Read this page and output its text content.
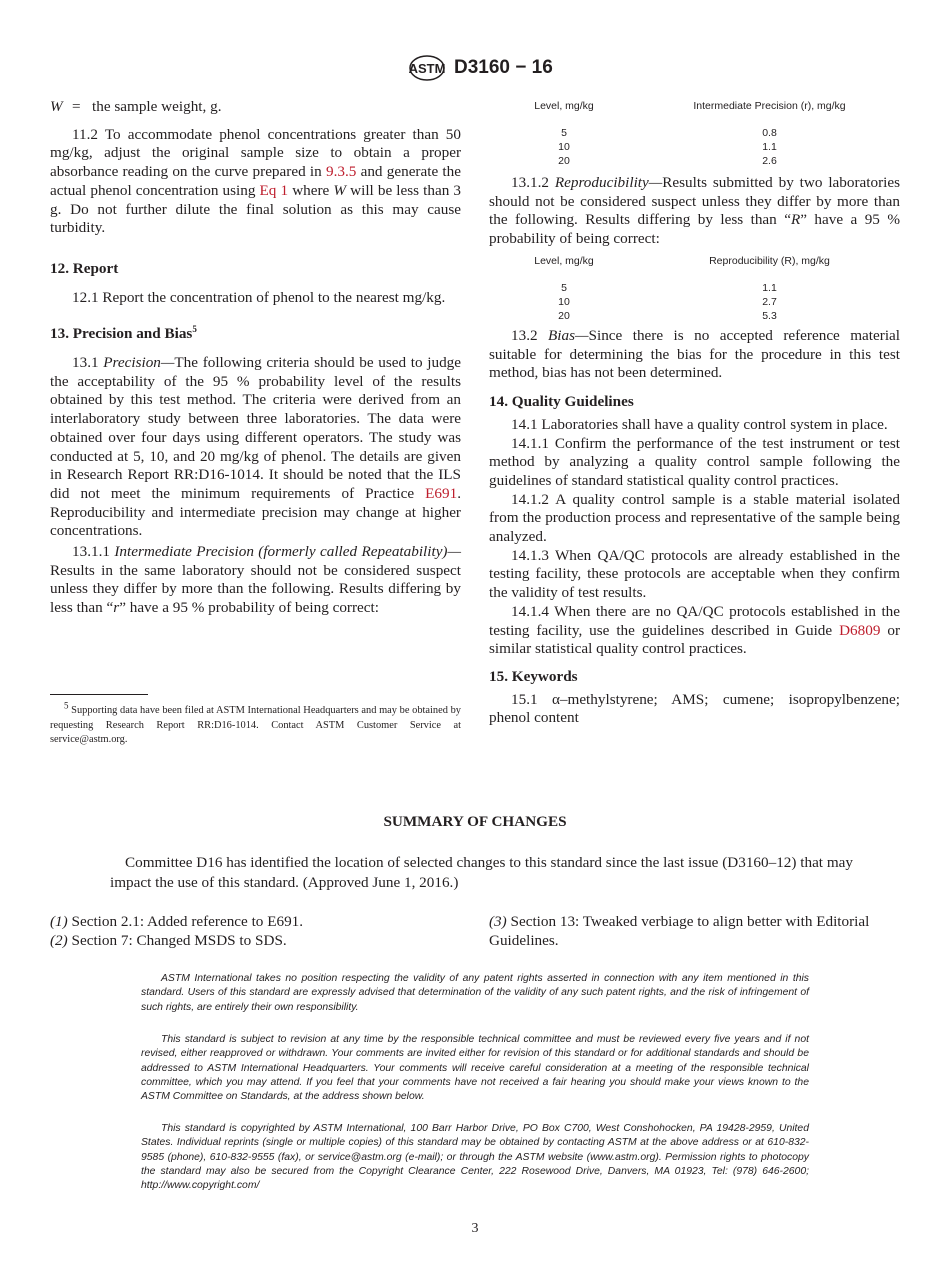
ASTM D3160 − 16
W = the sample weight, g.

11.2 To accommodate phenol concentrations greater than 50 mg/kg, adjust the original sample size to obtain a proper absorbance reading on the curve prepared in 9.3.5 and generate the actual phenol concentration using Eq 1 where W will be less than 3 g. Do not further dilute the final solution as this may cause turbidity.

12. Report

12.1 Report the concentration of phenol to the nearest mg/kg.

13. Precision and Bias$^5$

13.1 Precision—The following criteria should be used to judge the acceptability of the 95 % probability level of the results obtained by this test method. The criteria were derived from an interlaboratory study between three laboratories. The data were obtained over four days using different operators. The study was conducted at 5, 10, and 20 mg/kg of phenol. The details are given in Research Report RR:D16-1014. It should be noted that the ILS did not meet the minimum requirements of Practice E691. Reproducibility and intermediate precision may change at higher concentrations.

13.1.1 Intermediate Precision (formerly called Repeatability)—Results in the same laboratory should not be considered suspect unless they differ by more than the following. Results differing by less than “r” have a 95 % probability of being correct:

$^5$ Supporting data have been filed at ASTM International Headquarters and may be obtained by requesting Research Report RR:D16-1014. Contact ASTM Customer Service at service@astm.org.
Level, mg/kg	Intermediate Precision (r), mg/kg
5	0.8
10	1.1
20	2.6

13.1.2 Reproducibility—Results submitted by two laboratories should not be considered suspect unless they differ by more than the following. Results differing by less than “R” have a 95 % probability of being correct:

Level, mg/kg	Reproducibility (R), mg/kg
5	1.1
10	2.7
20	5.3

13.2 Bias—Since there is no accepted reference material suitable for determining the bias for the procedure in this test method, bias has not been determined.

14. Quality Guidelines

14.1 Laboratories shall have a quality control system in place.

14.1.1 Confirm the performance of the test instrument or test method by analyzing a quality control sample following the guidelines of standard statistical quality control practices.

14.1.2 A quality control sample is a stable material isolated from the production process and representative of the sample being analyzed.

14.1.3 When QA/QC protocols are already established in the testing facility, these protocols are acceptable when they confirm the validity of test results.

14.1.4 When there are no QA/QC protocols established in the testing facility, use the guidelines described in Guide D6809 or similar statistical quality control practices.

15. Keywords

15.1 α–methylstyrene; AMS; cumene; isopropylbenzene; phenol content

SUMMARY OF CHANGES
Committee D16 has identified the location of selected changes to this standard since the last issue (D3160–12) that may impact the use of this standard. (Approved June 1, 2016.)
(1) Section 2.1: Added reference to E691.
(2) Section 7: Changed MSDS to SDS.
(3) Section 13: Tweaked verbiage to align better with Editorial Guidelines.
ASTM International takes no position respecting the validity of any patent rights asserted in connection with any item mentioned in this standard. Users of this standard are expressly advised that determination of the validity of any such patent rights, and the risk of infringement of such rights, are entirely their own responsibility.
This standard is subject to revision at any time by the responsible technical committee and must be reviewed every five years and if not revised, either reapproved or withdrawn. Your comments are invited either for revision of this standard or for additional standards and should be addressed to ASTM International Headquarters. Your comments will receive careful consideration at a meeting of the responsible technical committee, which you may attend. If you feel that your comments have not received a fair hearing you should make your views known to the ASTM Committee on Standards, at the address shown below.
This standard is copyrighted by ASTM International, 100 Barr Harbor Drive, PO Box C700, West Conshohocken, PA 19428-2959, United States. Individual reprints (single or multiple copies) of this standard may be obtained by contacting ASTM at the above address or at 610-832-9585 (phone), 610-832-9555 (fax), or service@astm.org (e-mail); or through the ASTM website (www.astm.org). Permission rights to photocopy the standard may also be secured from the Copyright Clearance Center, 222 Rosewood Drive, Danvers, MA 01923, Tel: (978) 646-2600; http://www.copyright.com/
3
